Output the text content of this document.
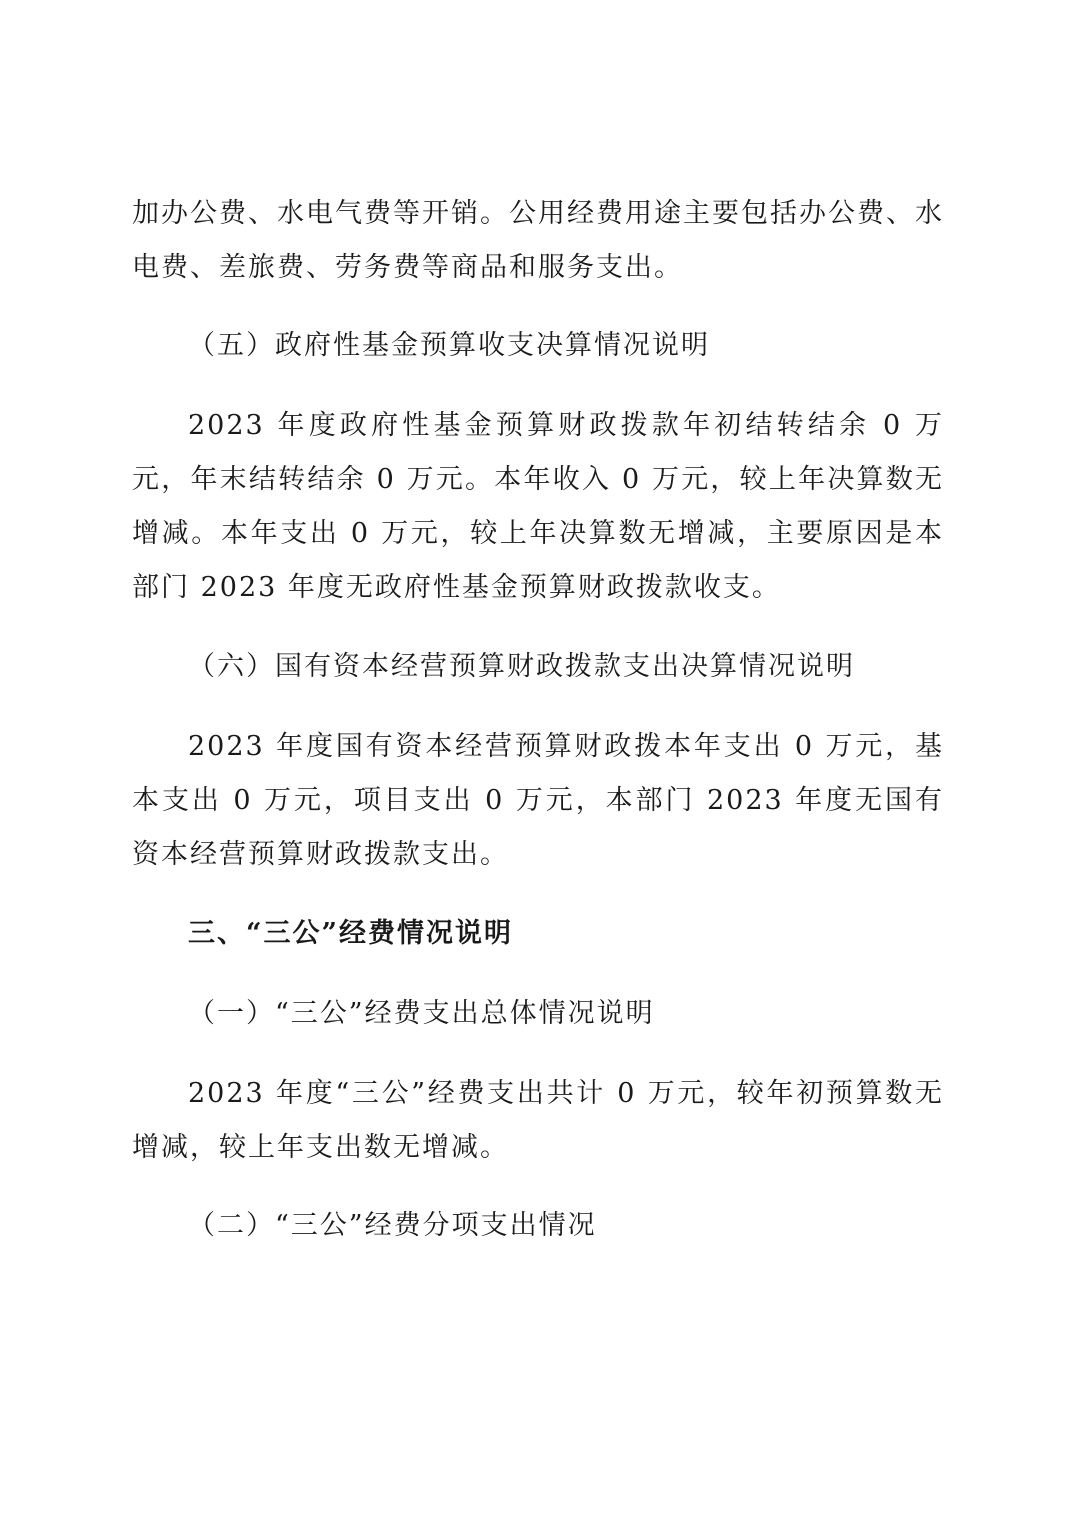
加办公费、水电气费等开销。公用经费用途主要包括办公费、水电费、差旅费、劳务费等商品和服务支出。

（五）政府性基金预算收支决算情况说明

2023 年度政府性基金预算财政拨款年初结转结余 0 万元，年末结转结余 0 万元。本年收入 0 万元，较上年决算数无增减。本年支出 0 万元，较上年决算数无增减，主要原因是本部门 2023 年度无政府性基金预算财政拨款收支。

（六）国有资本经营预算财政拨款支出决算情况说明

2023 年度国有资本经营预算财政拨本年支出 0 万元，基本支出 0 万元，项目支出 0 万元，本部门 2023 年度无国有资本经营预算财政拨款支出。

三、“三公”经费情况说明

（一）“三公”经费支出总体情况说明

2023 年度“三公”经费支出共计 0 万元，较年初预算数无增减，较上年支出数无增减。

（二）“三公”经费分项支出情况
